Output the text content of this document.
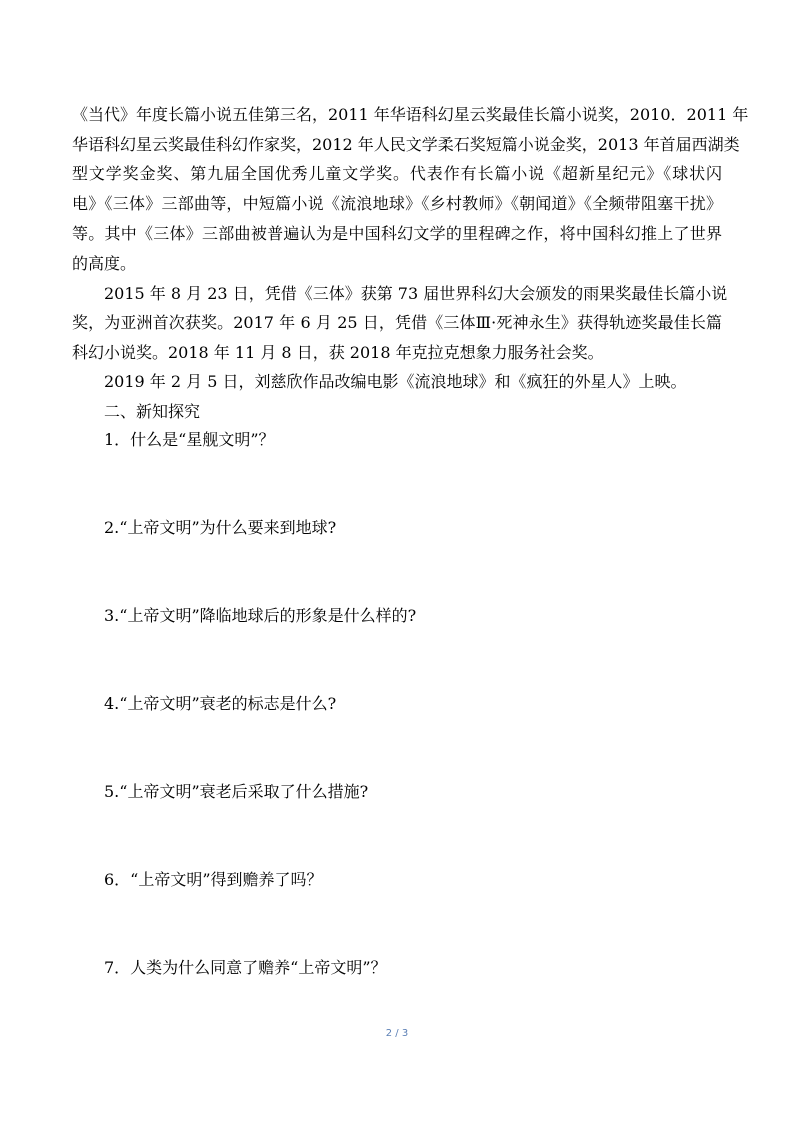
《当代》年度长篇小说五佳第三名，2011 年华语科幻星云奖最佳长篇小说奖，2010．2011 年
华语科幻星云奖最佳科幻作家奖，2012 年人民文学柔石奖短篇小说金奖，2013 年首届西湖类
型文学奖金奖、第九届全国优秀儿童文学奖。代表作有长篇小说《超新星纪元》《球状闪
电》《三体》三部曲等，中短篇小说《流浪地球》《乡村教师》《朝闻道》《全频带阻塞干扰》
等。其中《三体》三部曲被普遍认为是中国科幻文学的里程碑之作，将中国科幻推上了世界
的高度。
2015 年 8 月 23 日，凭借《三体》获第 73 届世界科幻大会颁发的雨果奖最佳长篇小说
奖，为亚洲首次获奖。2017 年 6 月 25 日，凭借《三体Ⅲ·死神永生》获得轨迹奖最佳长篇
科幻小说奖。2018 年 11 月 8 日，获 2018 年克拉克想象力服务社会奖。
2019 年 2 月 5 日，刘慈欣作品改编电影《流浪地球》和《疯狂的外星人》上映。
二、新知探究
1．什么是“星舰文明”？
2.“上帝文明”为什么要来到地球?
3.“上帝文明”降临地球后的形象是什么样的?
4.“上帝文明”衰老的标志是什么?
5.“上帝文明”衰老后采取了什么措施?
6．“上帝文明”得到赡养了吗？
7．人类为什么同意了赡养“上帝文明”？
2 / 3
